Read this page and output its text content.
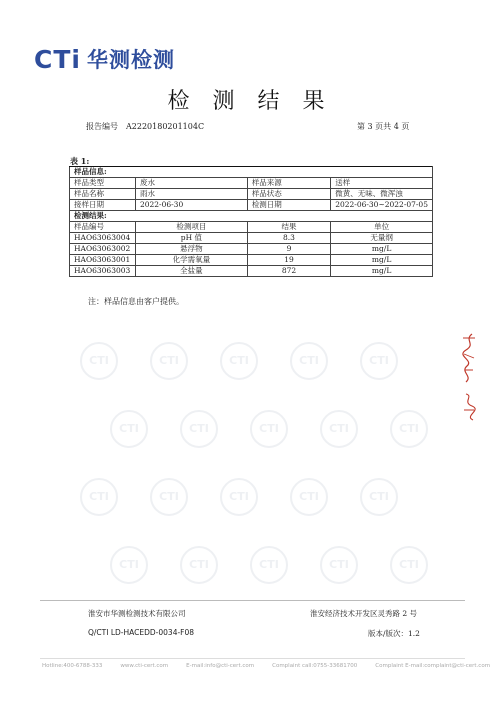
CTi 华测检测
检 测 结 果
报告编号 A2220180201104C	第 3 页共 4 页
CTI	CTI	CTI	CTI	CTI
CTI	CTI	CTI	CTI	CTI
CTI	CTI	CTI	CTI	CTI
CTI	CTI	CTI	CTI	CTI
表 1:
样品信息:			
样品类型	废水	样品来源	送样
样品名称	雨水	样品状态	微黄、无味、微浑浊
接样日期	2022-06-30	检测日期	2022-06-30~2022-07-05
检测结果:			
样品编号	检测项目	结果	单位
HAO63063004	pH 值	8.3	无量纲
HAO63063002	悬浮物	9	mg/L
HAO63063001	化学需氧量	19	mg/L
HAO63063003	全盐量	872	mg/L
注：样品信息由客户提供。
淮安市华测检测技术有限公司	淮安经济技术开发区灵秀路 2 号
Q/CTI LD-HACEDD-0034-F08	版本/版次：1.2
Hotline:400-6788-333	www.cti-cert.com	E-mail:info@cti-cert.com	Complaint call:0755-33681700	Complaint E-mail:complaint@cti-cert.com
